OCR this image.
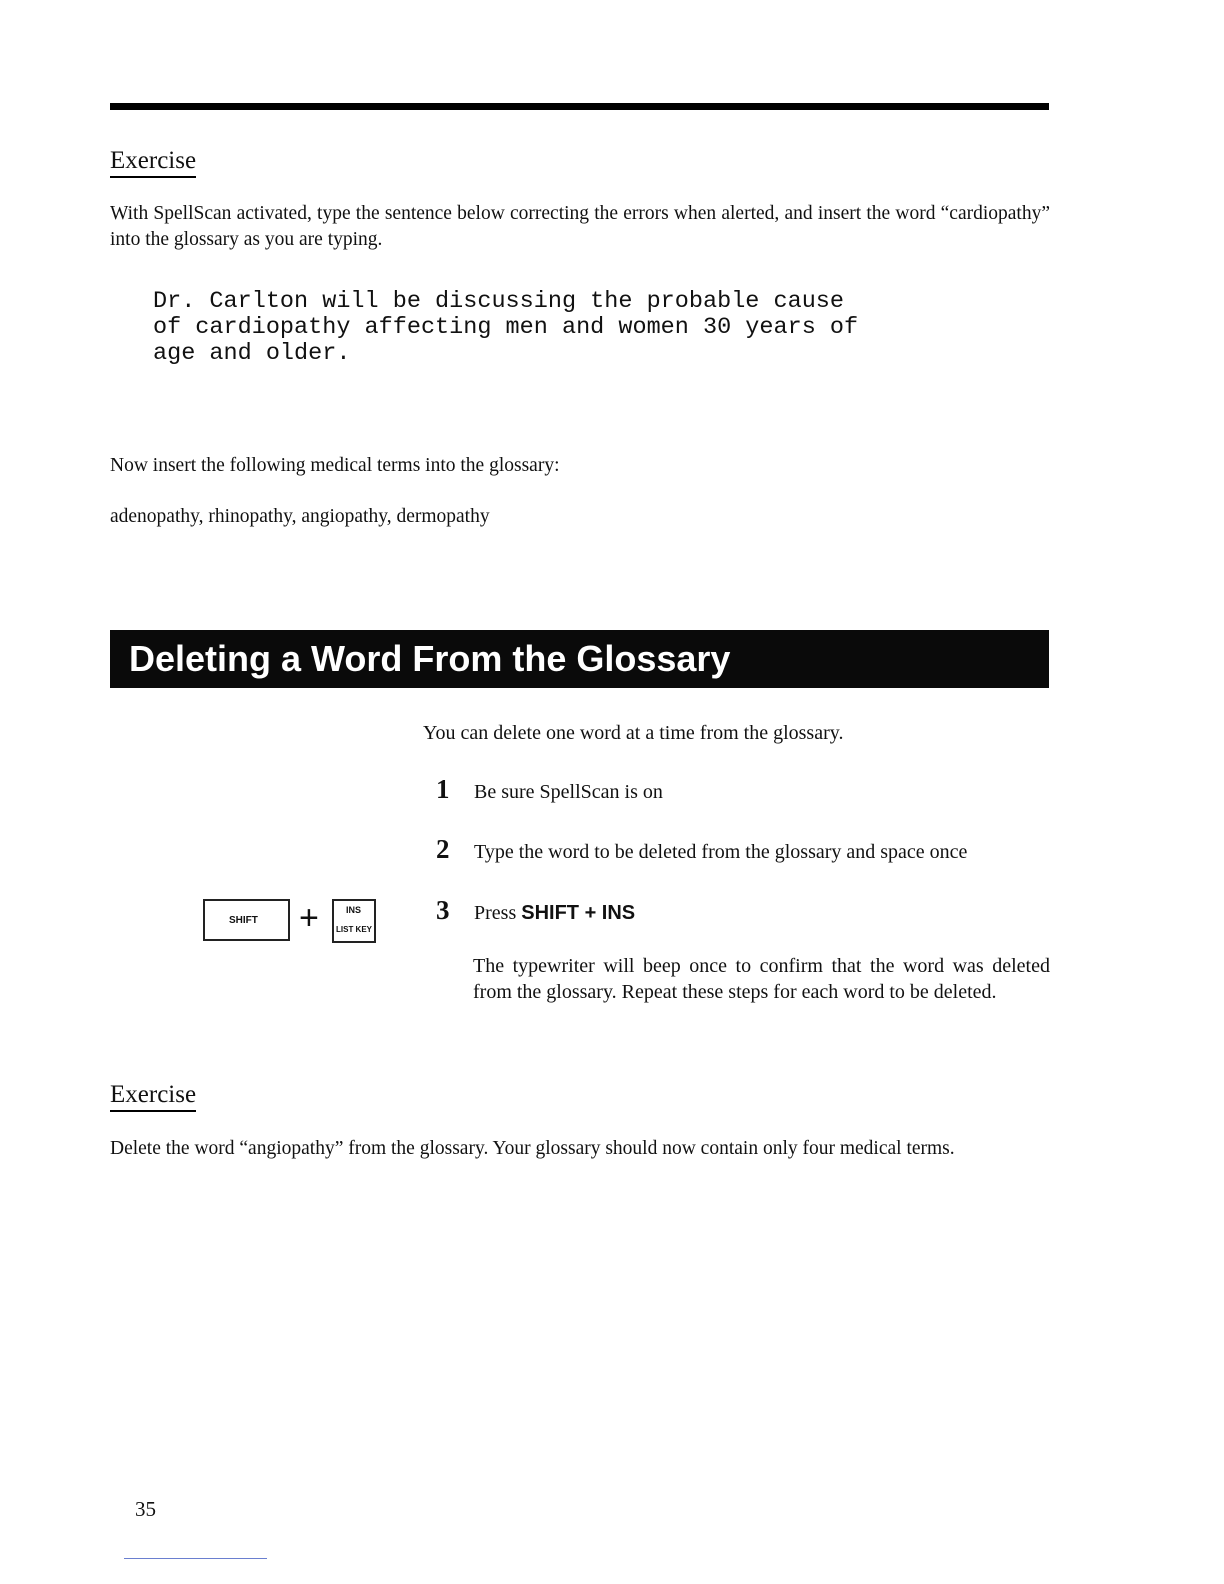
Exercise

With SpellScan activated, type the sentence below correcting the errors when alerted, and insert the word “cardiopathy” into the glossary as you are typing.

Dr. Carlton will be discussing the probable cause
of cardiopathy affecting men and women 30 years of
age and older.

Now insert the following medical terms into the glossary:

adenopathy, rhinopathy, angiopathy, dermopathy

Deleting a Word From the Glossary

You can delete one word at a time from the glossary.

1 Be sure SpellScan is on
2 Type the word to be deleted from the glossary and space once
3 Press SHIFT + INS
SHIFT +	INS
LIST KEY

The typewriter will beep once to confirm that the word was deleted from the glossary. Repeat these steps for each word to be deleted.

Exercise

Delete the word “angiopathy” from the glossary. Your glossary should now contain only four medical terms.

35
